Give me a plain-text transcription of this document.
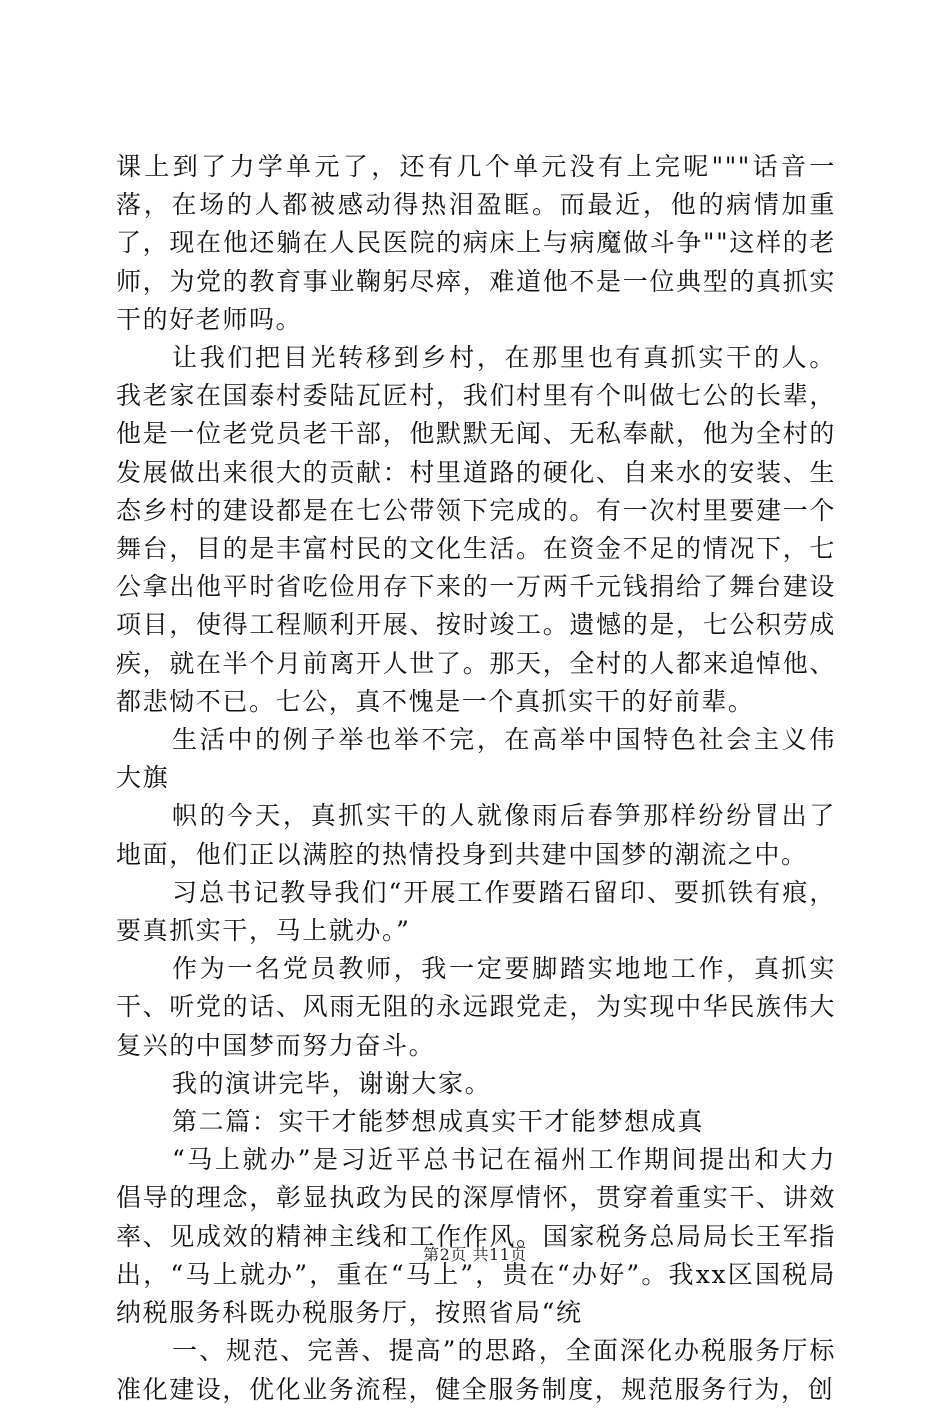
课上到了力学单元了，还有几个单元没有上完呢"""话音一落，在场的人都被感动得热泪盈眶。而最近，他的病情加重了，现在他还躺在人民医院的病床上与病魔做斗争""这样的老师，为党的教育事业鞠躬尽瘁，难道他不是一位典型的真抓实干的好老师吗。

让我们把目光转移到乡村，在那里也有真抓实干的人。我老家在国泰村委陆瓦匠村，我们村里有个叫做七公的长辈，他是一位老党员老干部，他默默无闻、无私奉献，他为全村的发展做出来很大的贡献：村里道路的硬化、自来水的安装、生态乡村的建设都是在七公带领下完成的。有一次村里要建一个舞台，目的是丰富村民的文化生活。在资金不足的情况下，七公拿出他平时省吃俭用存下来的一万两千元钱捐给了舞台建设项目，使得工程顺利开展、按时竣工。遗憾的是，七公积劳成疾，就在半个月前离开人世了。那天，全村的人都来追悼他、都悲恸不已。七公，真不愧是一个真抓实干的好前辈。

生活中的例子举也举不完，在高举中国特色社会主义伟大旗

帜的今天，真抓实干的人就像雨后春笋那样纷纷冒出了地面，他们正以满腔的热情投身到共建中国梦的潮流之中。

习总书记教导我们“开展工作要踏石留印、要抓铁有痕，要真抓实干，马上就办。”

作为一名党员教师，我一定要脚踏实地地工作，真抓实干、听党的话、风雨无阻的永远跟党走，为实现中华民族伟大复兴的中国梦而努力奋斗。

我的演讲完毕，谢谢大家。

第二篇：实干才能梦想成真实干才能梦想成真

“马上就办”是习近平总书记在福州工作期间提出和大力倡导的理念，彰显执政为民的深厚情怀，贯穿着重实干、讲效率、见成效的精神主线和工作作风。国家税务总局局长王军指出，“马上就办”，重在“马上”，贵在“办好”。我xx区国税局纳税服务科既办税服务厅，按照省局“统

一、规范、完善、提高”的思路，全面深化办税服务厅标准化建设，优化业务流程，健全服务制度，规范服务行为，创

第2页 共11页
